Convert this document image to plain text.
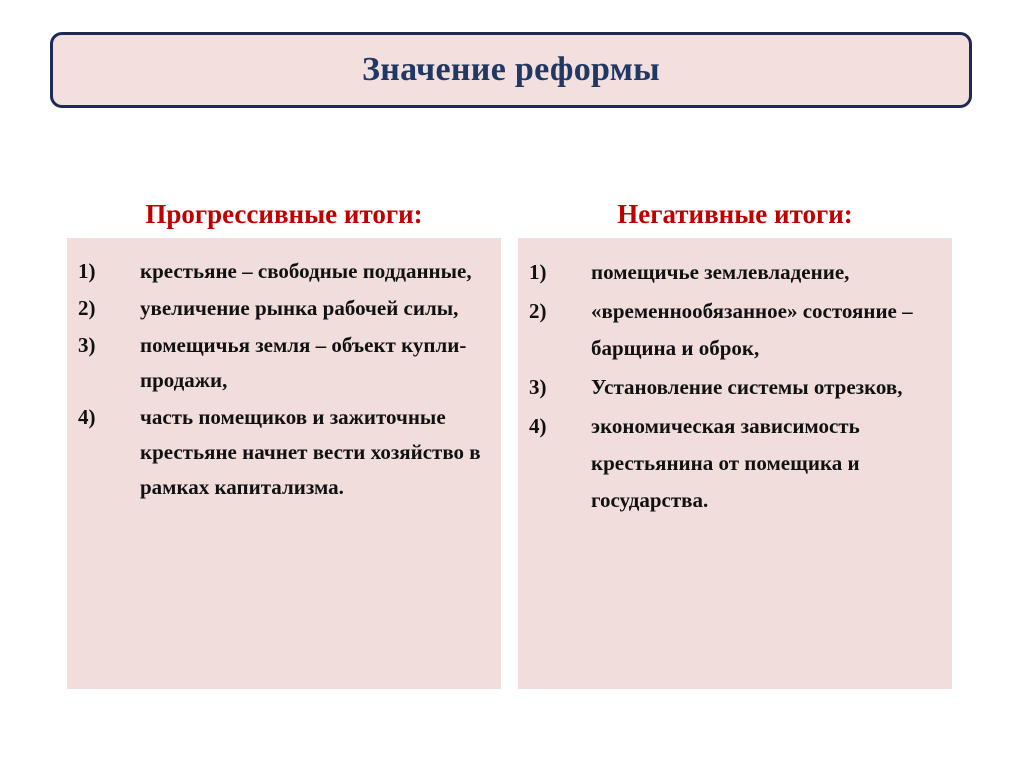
Значение реформы
Прогрессивные итоги:
1)	крестьяне – свободные подданные,
2)	увеличение рынка рабочей силы,
3)	помещичья земля – объект купли-продажи,
4)	часть помещиков и зажиточные крестьяне начнет вести хозяйство в рамках капитализма.
Негативные итоги:
1)	помещичье землевладение,
2)	«временнообязанное» состояние – барщина и оброк,
3)	Установление системы отрезков,
4)	экономическая зависимость крестьянина от помещика и государства.
